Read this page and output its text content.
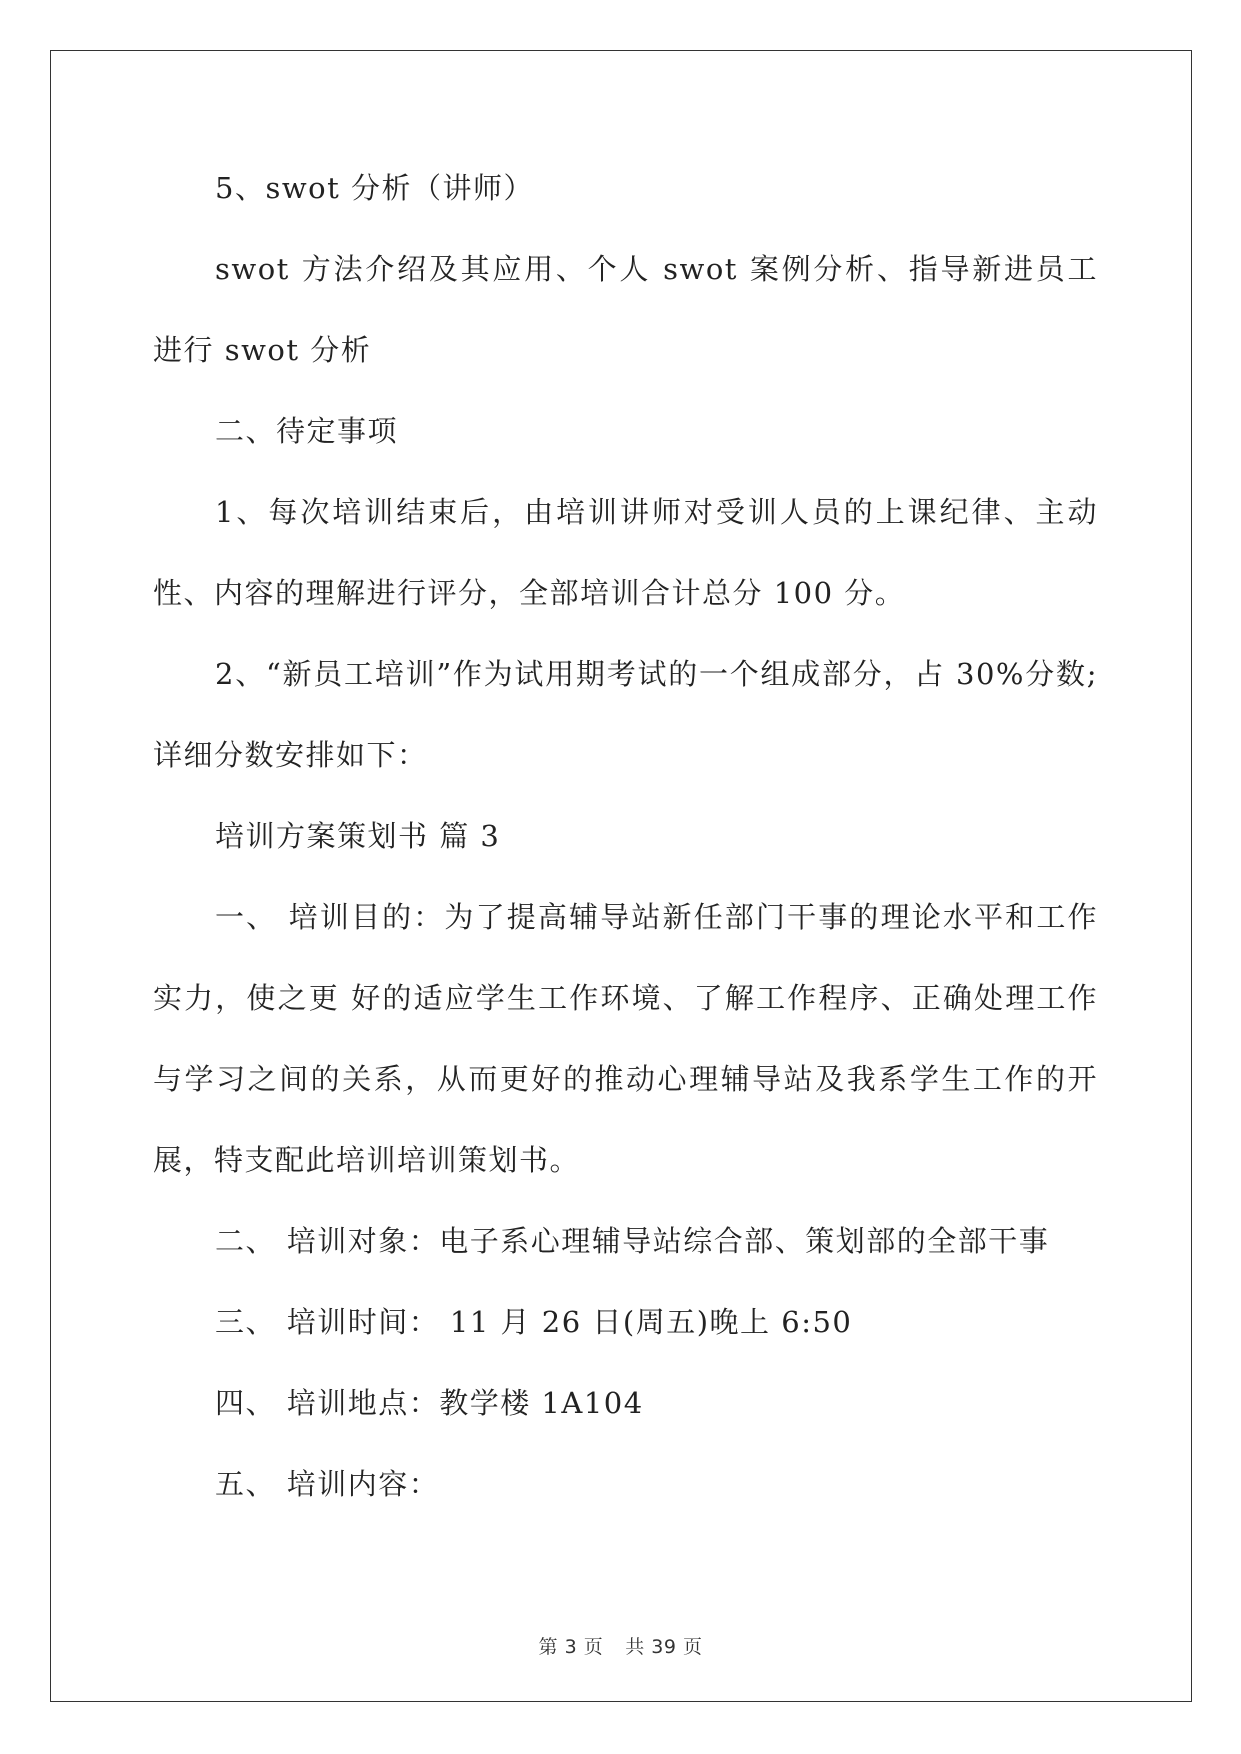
5、swot 分析（讲师）

swot 方法介绍及其应用、个人 swot 案例分析、指导新进员工进行 swot 分析

二、待定事项

1、每次培训结束后，由培训讲师对受训人员的上课纪律、主动性、内容的理解进行评分，全部培训合计总分 100 分。

2、“新员工培训”作为试用期考试的一个组成部分，占 30%分数;详细分数安排如下：

培训方案策划书 篇 3

一、 培训目的：为了提高辅导站新任部门干事的理论水平和工作实力，使之更 好的适应学生工作环境、了解工作程序、正确处理工作与学习之间的关系，从而更好的推动心理辅导站及我系学生工作的开展，特支配此培训培训策划书。

二、 培训对象：电子系心理辅导站综合部、策划部的全部干事

三、 培训时间： 11 月 26 日(周五)晚上 6:50

四、 培训地点：教学楼 1A104

五、 培训内容：

第 3 页 共 39 页
